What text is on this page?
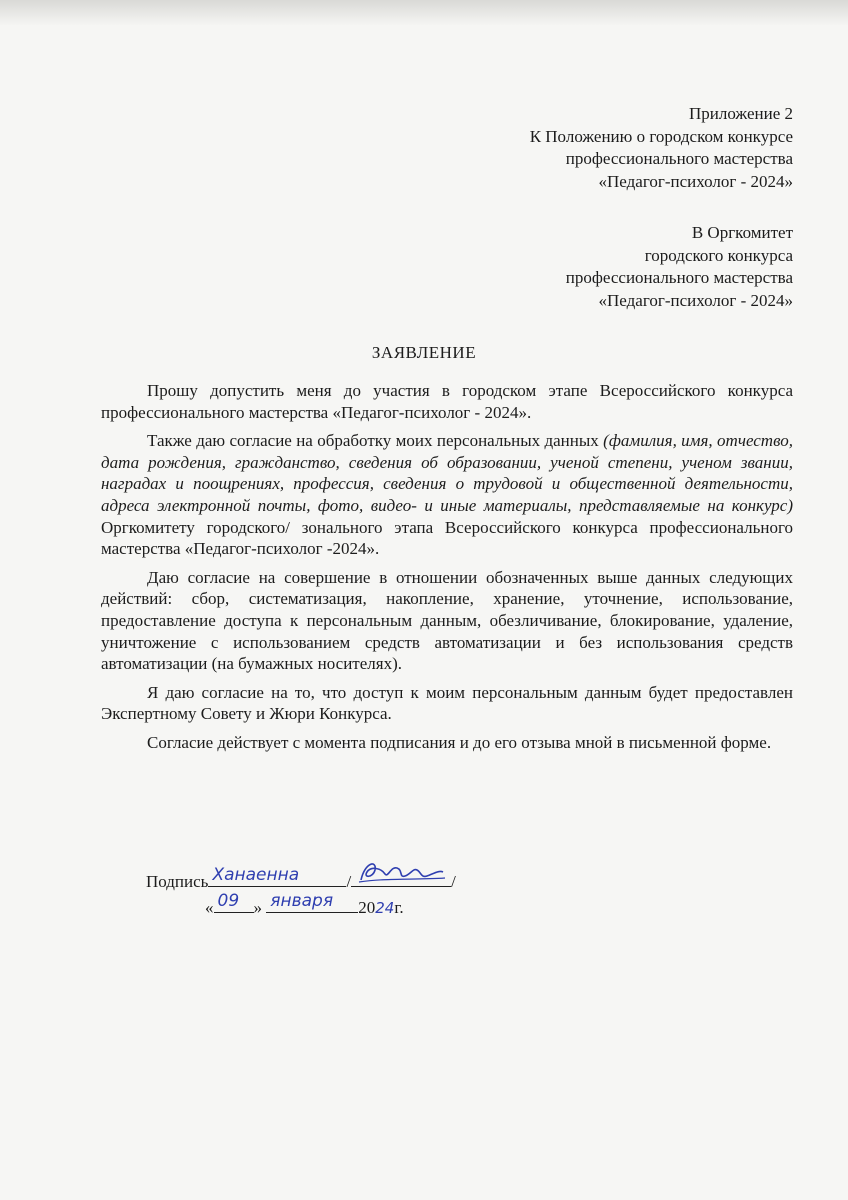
Приложение 2
К Положению о городском конкурсе
профессионального мастерства
«Педагог-психолог - 2024»
В Оргкомитет
городского конкурса
профессионального мастерства
«Педагог-психолог - 2024»
ЗАЯВЛЕНИЕ

Прошу допустить меня до участия в городском этапе Всероссийского конкурса профессионального мастерства «Педагог-психолог - 2024».

Также даю согласие на обработку моих персональных данных (фамилия, имя, отчество, дата рождения, гражданство, сведения об образовании, ученой степени, ученом звании, наградах и поощрениях, профессия, сведения о трудовой и общественной деятельности, адреса электронной почты, фото, видео- и иные материалы, представляемые на конкурс) Оргкомитету городского/ зонального этапа Всероссийского конкурса профессионального мастерства «Педагог-психолог -2024».

Даю согласие на совершение в отношении обозначенных выше данных следующих действий: сбор, систематизация, накопление, хранение, уточнение, использование, предоставление доступа к персональным данным, обезличивание, блокирование, удаление, уничтожение с использованием средств автоматизации и без использования средств автоматизации (на бумажных носителях).

Я даю согласие на то, что доступ к моим персональным данным будет предоставлен Экспертному Совету и Жюри Конкурса.

Согласие действует с момента подписания и до его отзыва мной в письменной форме.

Подпись Ханаенна	/	/
« 09 » января 2024г.
